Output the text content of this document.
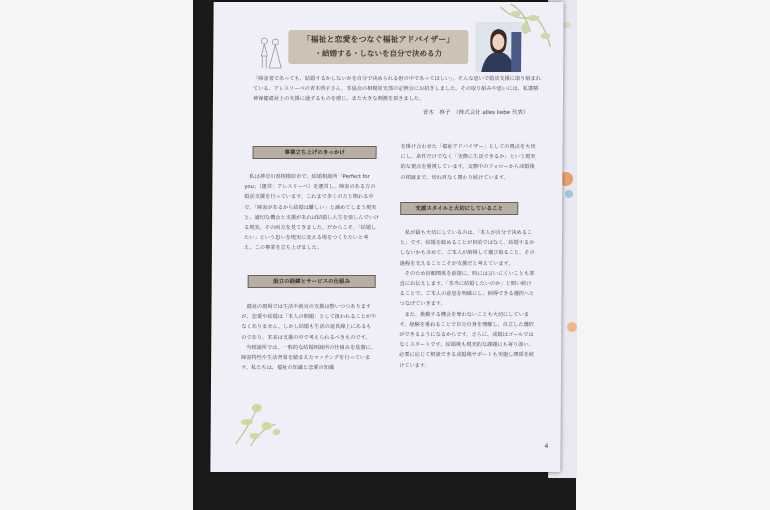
「福祉と恋愛をつなぐ福祉アドバイザー」
・結婚する・しないを自分で決める力
「障害者であっても、結婚するかしないかを自分で決められる世の中であってほしい」。そんな思いで婚活支援に取り組まれている、アレスリーベの青木啓子さん。本協会の相模原支部の定例会にお招きしました。その取り組みや思いには、私達精神保健福祉士の支援に通ずるものを感じ、また大きな刺激を頂きました。
青木　啓子　（株式会社 alles liebe 代表）
事業立ち上げのきっかけ

私は神奈川県相模原市で、結婚相談所「Perfect for you」（運営：アレスリーベ）を運営し、障害のある方の婚活支援を行っています。これまで多くの方と関わる中で、「障害があるから結婚は難しい」と諦めてしまう現実と、適切な機会と支援があれば結婚し人生を楽しんでいける現実、その両方を見てきました。だからこそ、「結婚したい」という思いを現実に変える場をつくりたいと考え、この事業を立ち上げました。

設立の経緯とサービスの仕組み

福祉の現場では生活や就労の支援は整いつつありますが、恋愛や結婚は「本人の問題」として扱われることが少なくありません。しかし結婚も生活の延長線上にあるものであり、本来は支援の中で考えられるべきものです。

当相談所では、一般的な結婚相談所の仕組みを基盤に、障害特性や生活背景を踏まえたマッチングを行っています。私たちは、福祉の知識と恋愛の知識

を掛け合わせた「福祉アドバイザー」としての視点を大切にし、条件だけでなく「実際に生活できるか」という現実的な視点を重視しています。交際中のフォローから成婚後の相談まで、切れ目なく関わり続けています。

支援スタイルと大切にしていること

私が最も大切にしているのは、「本人が自分で決めること」です。結婚を勧めることが目的ではなく、結婚するかしないかも含めて、ご本人が納得して選び取ること、その過程を支えることこそが支援だと考えています。

そのため信頼関係を前提に、時には言いにくいことも率直にお伝えします。「本当に結婚したいのか」と問い続けることで、ご本人の意思を明確にし、納得できる選択へとつなげていきます。

また、挑戦する機会を奪わないことも大切にしています。経験を重ねることで自分自身を理解し、自立した選択ができるようになるからです。さらに、成婚はゴールではなくスタートです。結婚後も現実的な課題にも寄り添い、必要に応じて相談できる成婚後サポートも実施し関係を続けています。

4
